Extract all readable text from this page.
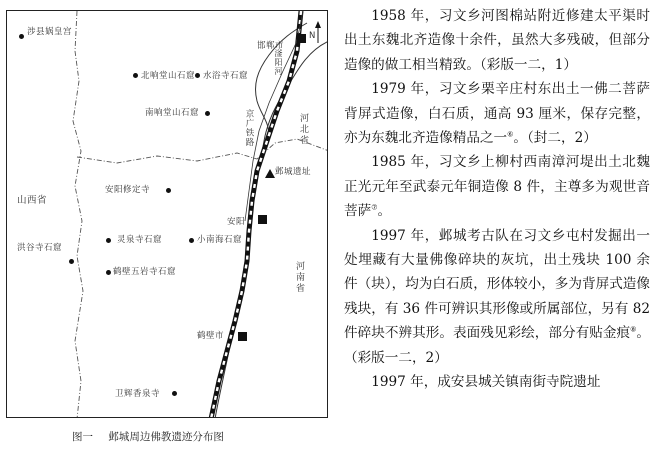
N
山西省
河北省
河南省
邯郸市
滏阳河
京广铁路
邺城遗址
涉县娲皇宫
北响堂山石窟 水浴寺石窟
南响堂山石窟
安阳修定寺
安阳
灵泉寺石窟	小南海石窟
洪谷寺石窟
鹤壁五岩寺石窟
鹤壁市
卫辉香泉寺
图一 邺城周边佛教遗迹分布图

1958 年，习文乡河图棉站附近修建太平渠时出土东魏北齐造像十余件，虽然大多残破，但部分造像的做工相当精致。（彩版一二，1）

1979 年，习文乡栗辛庄村东出土一佛二菩萨背屏式造像，白石质，通高 93 厘米，保存完整，亦为东魏北齐造像精品之一⑥。（封二，2）

1985 年，习文乡上柳村西南漳河堤出土北魏正光元年至武泰元年铜造像 8 件，主尊多为观世音菩萨⑦。

1997 年，邺城考古队在习文乡屯村发掘出一处埋藏有大量佛像碎块的灰坑，出土残块 100 余件（块），均为白石质，形体较小，多为背屏式造像残块，有 36 件可辨识其形像或所属部位，另有 82 件碎块不辨其形。表面残见彩绘，部分有贴金痕⑧。（彩版一二，2）

1997 年，成安县城关镇南街寺院遗址
